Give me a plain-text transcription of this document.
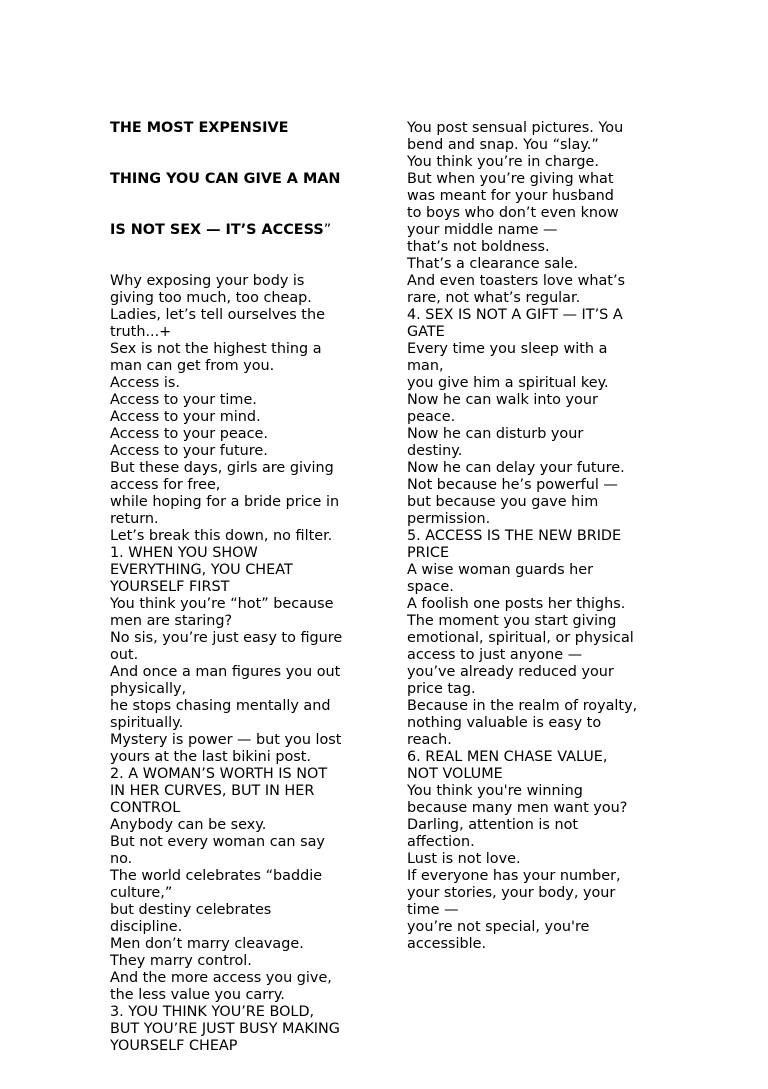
THE MOST EXPENSIVE

THING YOU CAN GIVE A MAN

IS NOT SEX — IT’S ACCESS”

Why exposing your body is
giving too much, too cheap.
Ladies, let’s tell ourselves the
truth...+
Sex is not the highest thing a
man can get from you.
Access is.
Access to your time.
Access to your mind.
Access to your peace.
Access to your future.
But these days, girls are giving
access for free,
while hoping for a bride price in
return.
Let’s break this down, no filter.
1. WHEN YOU SHOW
EVERYTHING, YOU CHEAT
YOURSELF FIRST
You think you’re “hot” because
men are staring?
No sis, you’re just easy to figure
out.
And once a man figures you out
physically,
he stops chasing mentally and
spiritually.
Mystery is power — but you lost
yours at the last bikini post.
2. A WOMAN’S WORTH IS NOT
IN HER CURVES, BUT IN HER
CONTROL
Anybody can be sexy.
But not every woman can say
no.
The world celebrates “baddie
culture,”
but destiny celebrates
discipline.
Men don’t marry cleavage.
They marry control.
And the more access you give,
the less value you carry.
3. YOU THINK YOU’RE BOLD,
BUT YOU’RE JUST BUSY MAKING
YOURSELF CHEAP

You post sensual pictures. You
bend and snap. You “slay.”
You think you’re in charge.
But when you’re giving what
was meant for your husband
to boys who don’t even know
your middle name —
that’s not boldness.
That’s a clearance sale.
And even toasters love what’s
rare, not what’s regular.
4. SEX IS NOT A GIFT — IT’S A
GATE
Every time you sleep with a
man,
you give him a spiritual key.
Now he can walk into your
peace.
Now he can disturb your
destiny.
Now he can delay your future.
Not because he’s powerful —
but because you gave him
permission.
5. ACCESS IS THE NEW BRIDE
PRICE
A wise woman guards her
space.
A foolish one posts her thighs.
The moment you start giving
emotional, spiritual, or physical
access to just anyone —
you’ve already reduced your
price tag.
Because in the realm of royalty,
nothing valuable is easy to
reach.
6. REAL MEN CHASE VALUE,
NOT VOLUME
You think you're winning
because many men want you?
Darling, attention is not
affection.
Lust is not love.
If everyone has your number,
your stories, your body, your
time —
you’re not special, you're
accessible.
